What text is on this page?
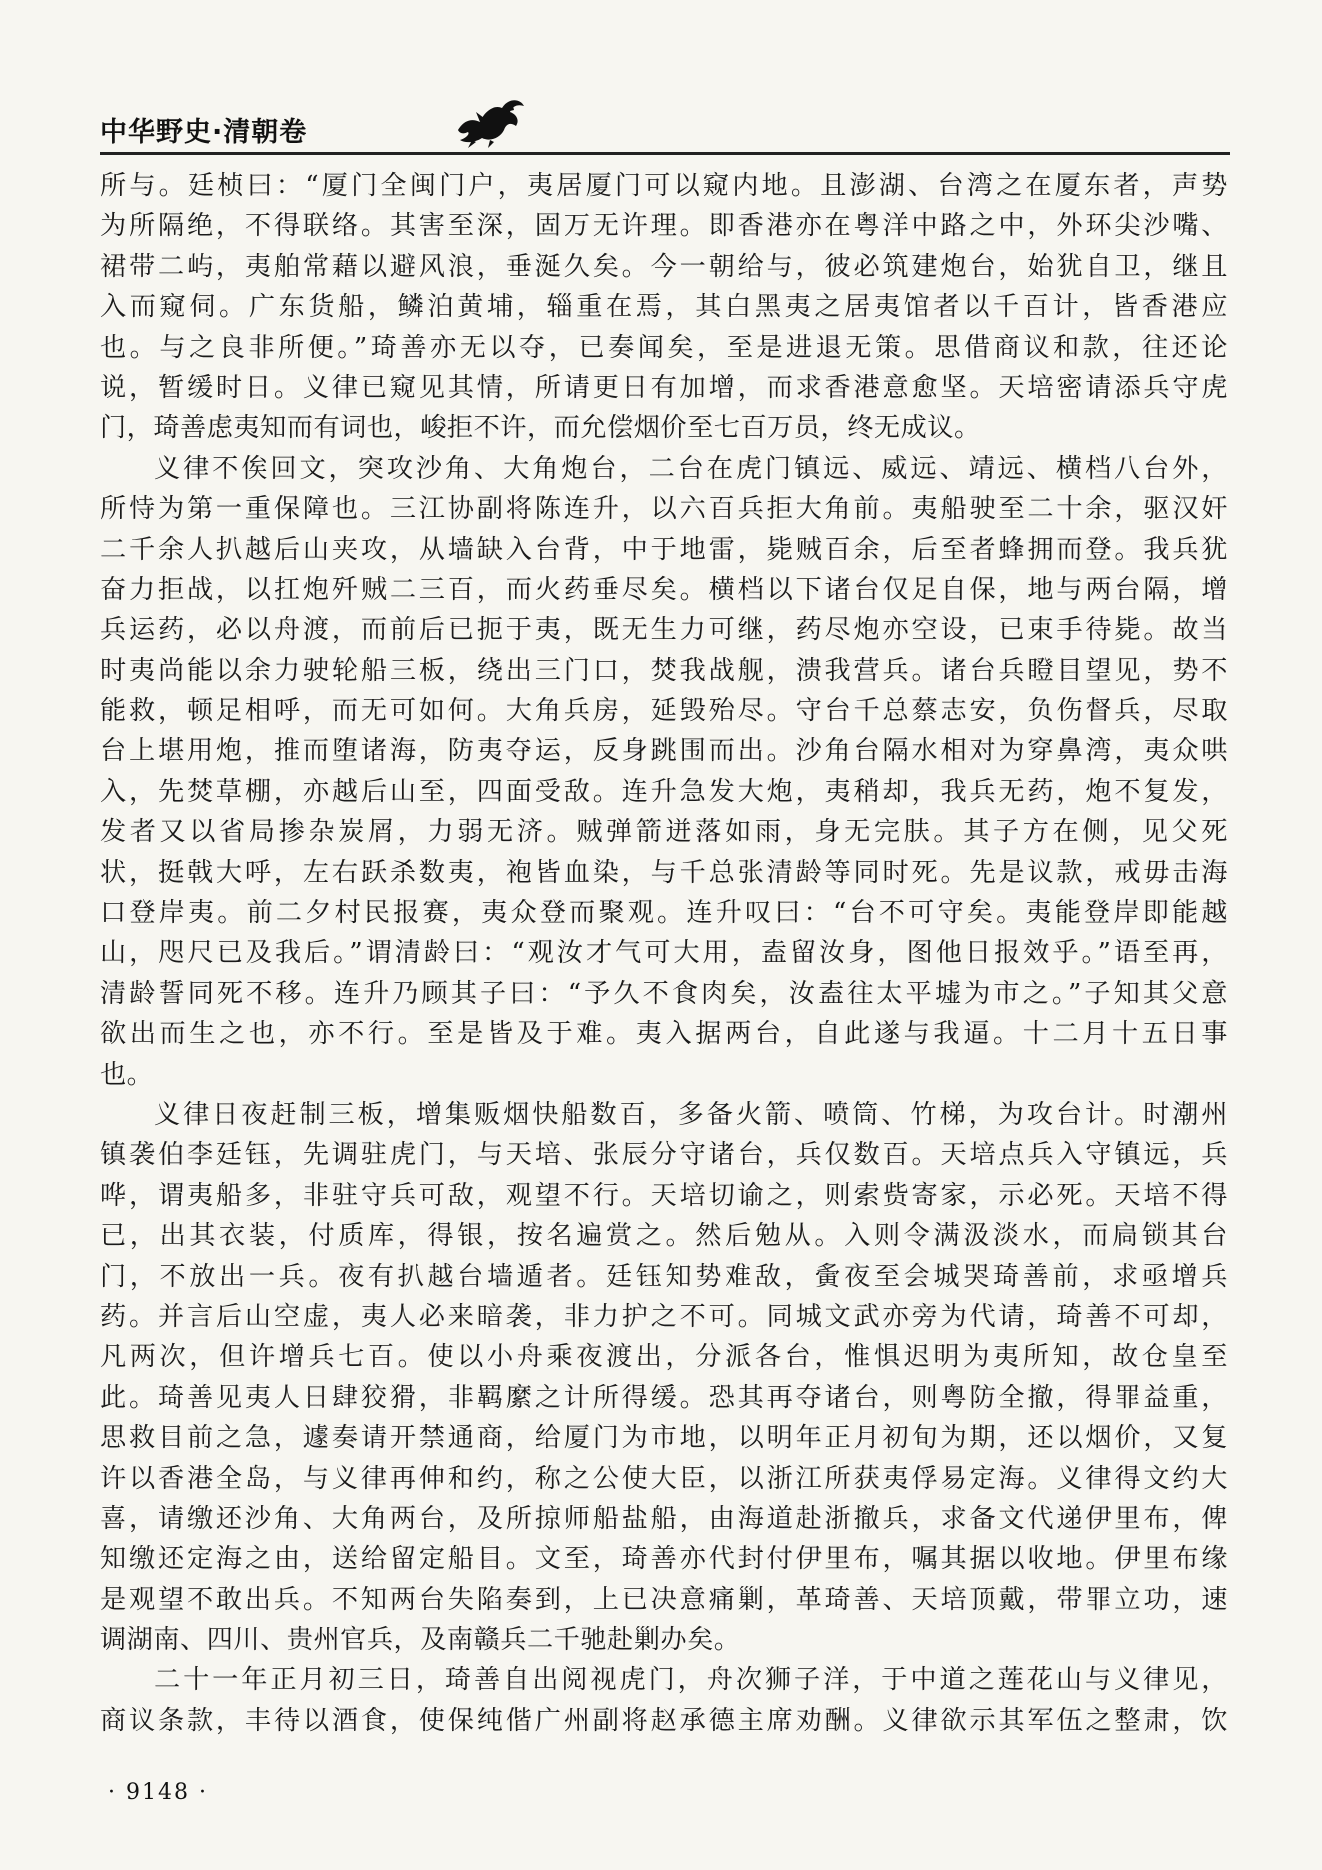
中华野史·清朝卷
所与。廷桢曰：“厦门全闽门户，夷居厦门可以窥内地。且澎湖、台湾之在厦东者，声势
为所隔绝，不得联络。其害至深，固万无许理。即香港亦在粤洋中路之中，外环尖沙嘴、
裙带二屿，夷舶常藉以避风浪，垂涎久矣。今一朝给与，彼必筑建炮台，始犹自卫，继且
入而窥伺。广东货船，鳞泊黄埔，辎重在焉，其白黑夷之居夷馆者以千百计，皆香港应
也。与之良非所便。”琦善亦无以夺，已奏闻矣，至是进退无策。思借商议和款，往还论
说，暂缓时日。义律已窥见其情，所请更日有加增，而求香港意愈坚。天培密请添兵守虎
门，琦善虑夷知而有词也，峻拒不许，而允偿烟价至七百万员，终无成议。
义律不俟回文，突攻沙角、大角炮台，二台在虎门镇远、威远、靖远、横档八台外，
所恃为第一重保障也。三江协副将陈连升，以六百兵拒大角前。夷船驶至二十余，驱汉奸
二千余人扒越后山夹攻，从墙缺入台背，中于地雷，毙贼百余，后至者蜂拥而登。我兵犹
奋力拒战，以扛炮歼贼二三百，而火药垂尽矣。横档以下诸台仅足自保，地与两台隔，增
兵运药，必以舟渡，而前后已扼于夷，既无生力可继，药尽炮亦空设，已束手待毙。故当
时夷尚能以余力驶轮船三板，绕出三门口，焚我战舰，溃我营兵。诸台兵瞪目望见，势不
能救，顿足相呼，而无可如何。大角兵房，延毁殆尽。守台千总蔡志安，负伤督兵，尽取
台上堪用炮，推而堕诸海，防夷夺运，反身跳围而出。沙角台隔水相对为穿鼻湾，夷众哄
入，先焚草棚，亦越后山至，四面受敌。连升急发大炮，夷稍却，我兵无药，炮不复发，
发者又以省局掺杂炭屑，力弱无济。贼弹箭迸落如雨，身无完肤。其子方在侧，见父死
状，挺戟大呼，左右跃杀数夷，袍皆血染，与千总张清龄等同时死。先是议款，戒毋击海
口登岸夷。前二夕村民报赛，夷众登而聚观。连升叹曰：“台不可守矣。夷能登岸即能越
山，咫尺已及我后。”谓清龄曰：“观汝才气可大用，盍留汝身，图他日报效乎。”语至再，
清龄誓同死不移。连升乃顾其子曰：“予久不食肉矣，汝盍往太平墟为市之。”子知其父意
欲出而生之也，亦不行。至是皆及于难。夷入据两台，自此遂与我逼。十二月十五日事
也。
义律日夜赶制三板，增集贩烟快船数百，多备火箭、喷筒、竹梯，为攻台计。时潮州
镇袭伯李廷钰，先调驻虎门，与天培、张辰分守诸台，兵仅数百。天培点兵入守镇远，兵
哗，谓夷船多，非驻守兵可敌，观望不行。天培切谕之，则索赀寄家，示必死。天培不得
已，出其衣装，付质库，得银，按名遍赏之。然后勉从。入则令满汲淡水，而扃锁其台
门，不放出一兵。夜有扒越台墙遁者。廷钰知势难敌，夤夜至会城哭琦善前，求亟增兵
药。并言后山空虚，夷人必来暗袭，非力护之不可。同城文武亦旁为代请，琦善不可却，
凡两次，但许增兵七百。使以小舟乘夜渡出，分派各台，惟惧迟明为夷所知，故仓皇至
此。琦善见夷人日肆狡猾，非羁縻之计所得缓。恐其再夺诸台，则粤防全撤，得罪益重，
思救目前之急，遽奏请开禁通商，给厦门为市地，以明年正月初旬为期，还以烟价，又复
许以香港全岛，与义律再伸和约，称之公使大臣，以浙江所获夷俘易定海。义律得文约大
喜，请缴还沙角、大角两台，及所掠师船盐船，由海道赴浙撤兵，求备文代递伊里布，俾
知缴还定海之由，送给留定船目。文至，琦善亦代封付伊里布，嘱其据以收地。伊里布缘
是观望不敢出兵。不知两台失陷奏到，上已决意痛剿，革琦善、天培顶戴，带罪立功，速
调湖南、四川、贵州官兵，及南赣兵二千驰赴剿办矣。
二十一年正月初三日，琦善自出阅视虎门，舟次狮子洋，于中道之莲花山与义律见，
商议条款，丰待以酒食，使保纯偕广州副将赵承德主席劝酬。义律欲示其军伍之整肃，饮
· 9148 ·
